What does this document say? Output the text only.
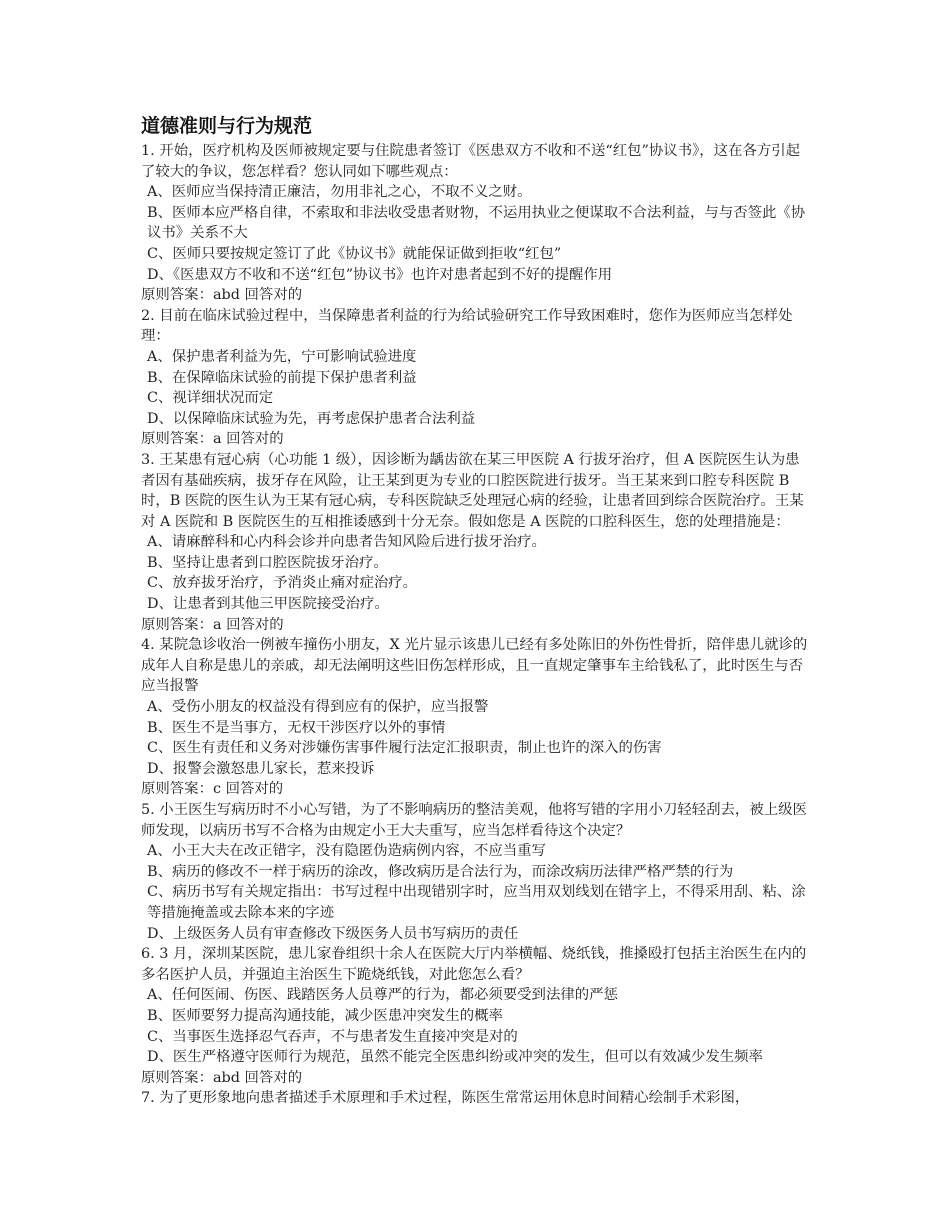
道德准则与行为规范

1. 开始，医疗机构及医师被规定要与住院患者签订《医患双方不收和不送“红包”协议书》，这在各方引起了较大的争议，您怎样看？您认同如下哪些观点：

A、医师应当保持清正廉洁，勿用非礼之心，不取不义之财。

B、医师本应严格自律，不索取和非法收受患者财物，不运用执业之便谋取不合法利益，与与否签此《协议书》关系不大

C、医师只要按规定签订了此《协议书》就能保证做到拒收“红包”

D、《医患双方不收和不送“红包”协议书》也许对患者起到不好的提醒作用

原则答案：abd 回答对的

2. 目前在临床试验过程中，当保障患者利益的行为给试验研究工作导致困难时，您作为医师应当怎样处理：

A、保护患者利益为先，宁可影响试验进度

B、在保障临床试验的前提下保护患者利益

C、视详细状况而定

D、以保障临床试验为先，再考虑保护患者合法利益

原则答案：a 回答对的

3. 王某患有冠心病（心功能 1 级），因诊断为龋齿欲在某三甲医院 A 行拔牙治疗，但 A 医院医生认为患者因有基础疾病，拔牙存在风险，让王某到更为专业的口腔医院进行拔牙。当王某来到口腔专科医院 B 时，B 医院的医生认为王某有冠心病，专科医院缺乏处理冠心病的经验，让患者回到综合医院治疗。王某对 A 医院和 B 医院医生的互相推诿感到十分无奈。假如您是 A 医院的口腔科医生，您的处理措施是：

A、请麻醉科和心内科会诊并向患者告知风险后进行拔牙治疗。

B、坚持让患者到口腔医院拔牙治疗。

C、放弃拔牙治疗，予消炎止痛对症治疗。

D、让患者到其他三甲医院接受治疗。

原则答案：a 回答对的

4. 某院急诊收治一例被车撞伤小朋友，X 光片显示该患儿已经有多处陈旧的外伤性骨折，陪伴患儿就诊的成年人自称是患儿的亲戚，却无法阐明这些旧伤怎样形成，且一直规定肇事车主给钱私了，此时医生与否应当报警

A、受伤小朋友的权益没有得到应有的保护，应当报警

B、医生不是当事方，无权干涉医疗以外的事情

C、医生有责任和义务对涉嫌伤害事件履行法定汇报职责，制止也许的深入的伤害

D、报警会激怒患儿家长，惹来投诉

原则答案：c 回答对的

5. 小王医生写病历时不小心写错，为了不影响病历的整洁美观，他将写错的字用小刀轻轻刮去，被上级医师发现，以病历书写不合格为由规定小王大夫重写，应当怎样看待这个决定？

A、小王大夫在改正错字，没有隐匿伪造病例内容，不应当重写

B、病历的修改不一样于病历的涂改，修改病历是合法行为，而涂改病历法律严格严禁的行为

C、病历书写有关规定指出：书写过程中出现错别字时，应当用双划线划在错字上，不得采用刮、粘、涂等措施掩盖或去除本来的字迹

D、上级医务人员有审查修改下级医务人员书写病历的责任

6. 3 月，深圳某医院，患儿家眷组织十余人在医院大厅内举横幅、烧纸钱，推搡殴打包括主治医生在内的多名医护人员，并强迫主治医生下跪烧纸钱，对此您怎么看？

A、任何医闹、伤医、践踏医务人员尊严的行为，都必须要受到法律的严惩

B、医师要努力提高沟通技能，减少医患冲突发生的概率

C、当事医生选择忍气吞声，不与患者发生直接冲突是对的

D、医生严格遵守医师行为规范，虽然不能完全医患纠纷或冲突的发生，但可以有效减少发生频率

原则答案：abd 回答对的

7. 为了更形象地向患者描述手术原理和手术过程，陈医生常常运用休息时间精心绘制手术彩图，
